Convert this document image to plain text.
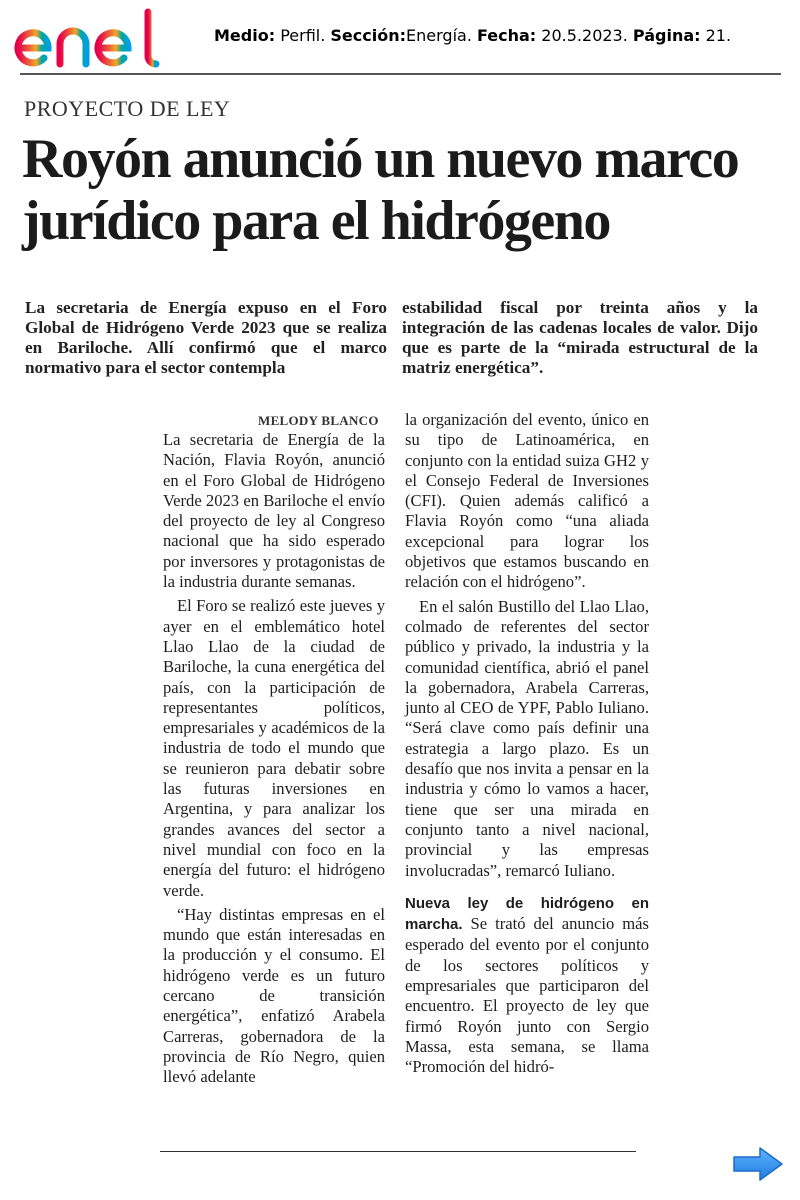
Medio: Perfil. Sección:Energía. Fecha: 20.5.2023. Página: 21.
PROYECTO DE LEY
Royón anunció un nuevo marco jurídico para el hidrógeno
La secretaria de Energía expuso en el Foro Global de Hidrógeno Verde 2023 que se realiza en Bariloche. Allí confirmó que el marco normativo para el sector contempla
estabilidad fiscal por treinta años y la integración de las cadenas locales de valor. Dijo que es parte de la “mirada estructural de la matriz energética”.
MELODY BLANCO

La secretaria de Energía de la Nación, Flavia Royón, anunció en el Foro Global de Hidrógeno Verde 2023 en Bariloche el envío del proyecto de ley al Congreso nacional que ha sido esperado por inversores y protagonistas de la industria durante semanas.

El Foro se realizó este jueves y ayer en el emblemático hotel Llao Llao de la ciudad de Bariloche, la cuna energética del país, con la participación de representantes políticos, empresariales y académicos de la industria de todo el mundo que se reunieron para debatir sobre las futuras inversiones en Argentina, y para analizar los grandes avances del sector a nivel mundial con foco en la energía del futuro: el hidrógeno verde.

“Hay distintas empresas en el mundo que están interesadas en la producción y el consumo. El hidrógeno verde es un futuro cercano de transición energética”, enfatizó Arabela Carreras, gobernadora de la provincia de Río Negro, quien llevó adelante

la organización del evento, único en su tipo de Latinoamérica, en conjunto con la entidad suiza GH2 y el Consejo Federal de Inversiones (CFI). Quien además calificó a Flavia Royón como “una aliada excepcional para lograr los objetivos que estamos buscando en relación con el hidrógeno”.

En el salón Bustillo del Llao Llao, colmado de referentes del sector público y privado, la industria y la comunidad científica, abrió el panel la gobernadora, Arabela Carreras, junto al CEO de YPF, Pablo Iuliano. “Será clave como país definir una estrategia a largo plazo. Es un desafío que nos invita a pensar en la industria y cómo lo vamos a hacer, tiene que ser una mirada en conjunto tanto a nivel nacional, provincial y las empresas involucradas”, remarcó Iuliano.

Nueva ley de hidrógeno en marcha. Se trató del anuncio más esperado del evento por el conjunto de los sectores políticos y empresariales que participaron del encuentro. El proyecto de ley que firmó Royón junto con Sergio Massa, esta semana, se llama “Promoción del hidró-
